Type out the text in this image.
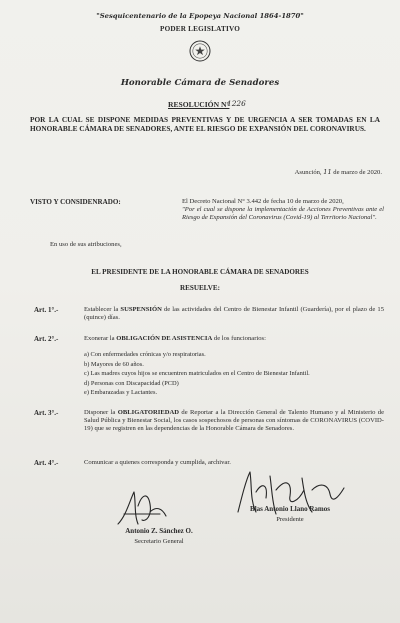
"Sesquicentenario de la Epopeya Nacional 1864-1870"
PODER LEGISLATIVO
Honorable Cámara de Senadores
RESOLUCIÓN N°
1226
POR LA CUAL SE DISPONE MEDIDAS PREVENTIVAS Y DE URGENCIA A SER TOMADAS EN LA HONORABLE CÁMARA DE SENADORES, ANTE EL RIESGO DE EXPANSIÓN DEL CORONAVIRUS.
Asunción, 11 de marzo de 2020.
VISTO Y CONSIDENRADO:	El Decreto Nacional N° 3.442 de fecha 10 de marzo de 2020,
"Por el cual se dispone la implementación de Acciones Preventivas ante el Riesgo de Expansión del Coronavirus (Covid-19) al Territorio Nacional".
En uso de sus atribuciones,
EL PRESIDENTE DE LA HONORABLE CÁMARA DE SENADORES
RESUELVE:
Art. 1°.-	Establecer la SUSPENSIÓN de las actividades del Centro de Bienestar Infantil (Guardería), por el plazo de 15 (quince) días.
Art. 2°.-	Exonerar la OBLIGACIÓN DE ASISTENCIA de los funcionarios:
a) Con enfermedades crónicas y/o respiratorias.
b) Mayores de 60 años.
c) Las madres cuyos hijos se encuentren matriculados en el Centro de Bienestar Infantil.
d) Personas con Discapacidad (PCD)
e) Embarazadas y Lactantes.
Art. 3°.-	Disponer la OBLIGATORIEDAD de Reportar a la Dirección General de Talento Humano y al Ministerio de Salud Pública y Bienestar Social, los casos sospechosos de personas con síntomas de CORONAVIRUS (COVID-19) que se registren en las dependencias de la Honorable Cámara de Senadores.
Art. 4°.-	Comunicar a quienes corresponda y cumplida, archivar.
Antonio Z. Sánchez O.
Secretario General
Blas Antonio Llano Ramos
Presidente
